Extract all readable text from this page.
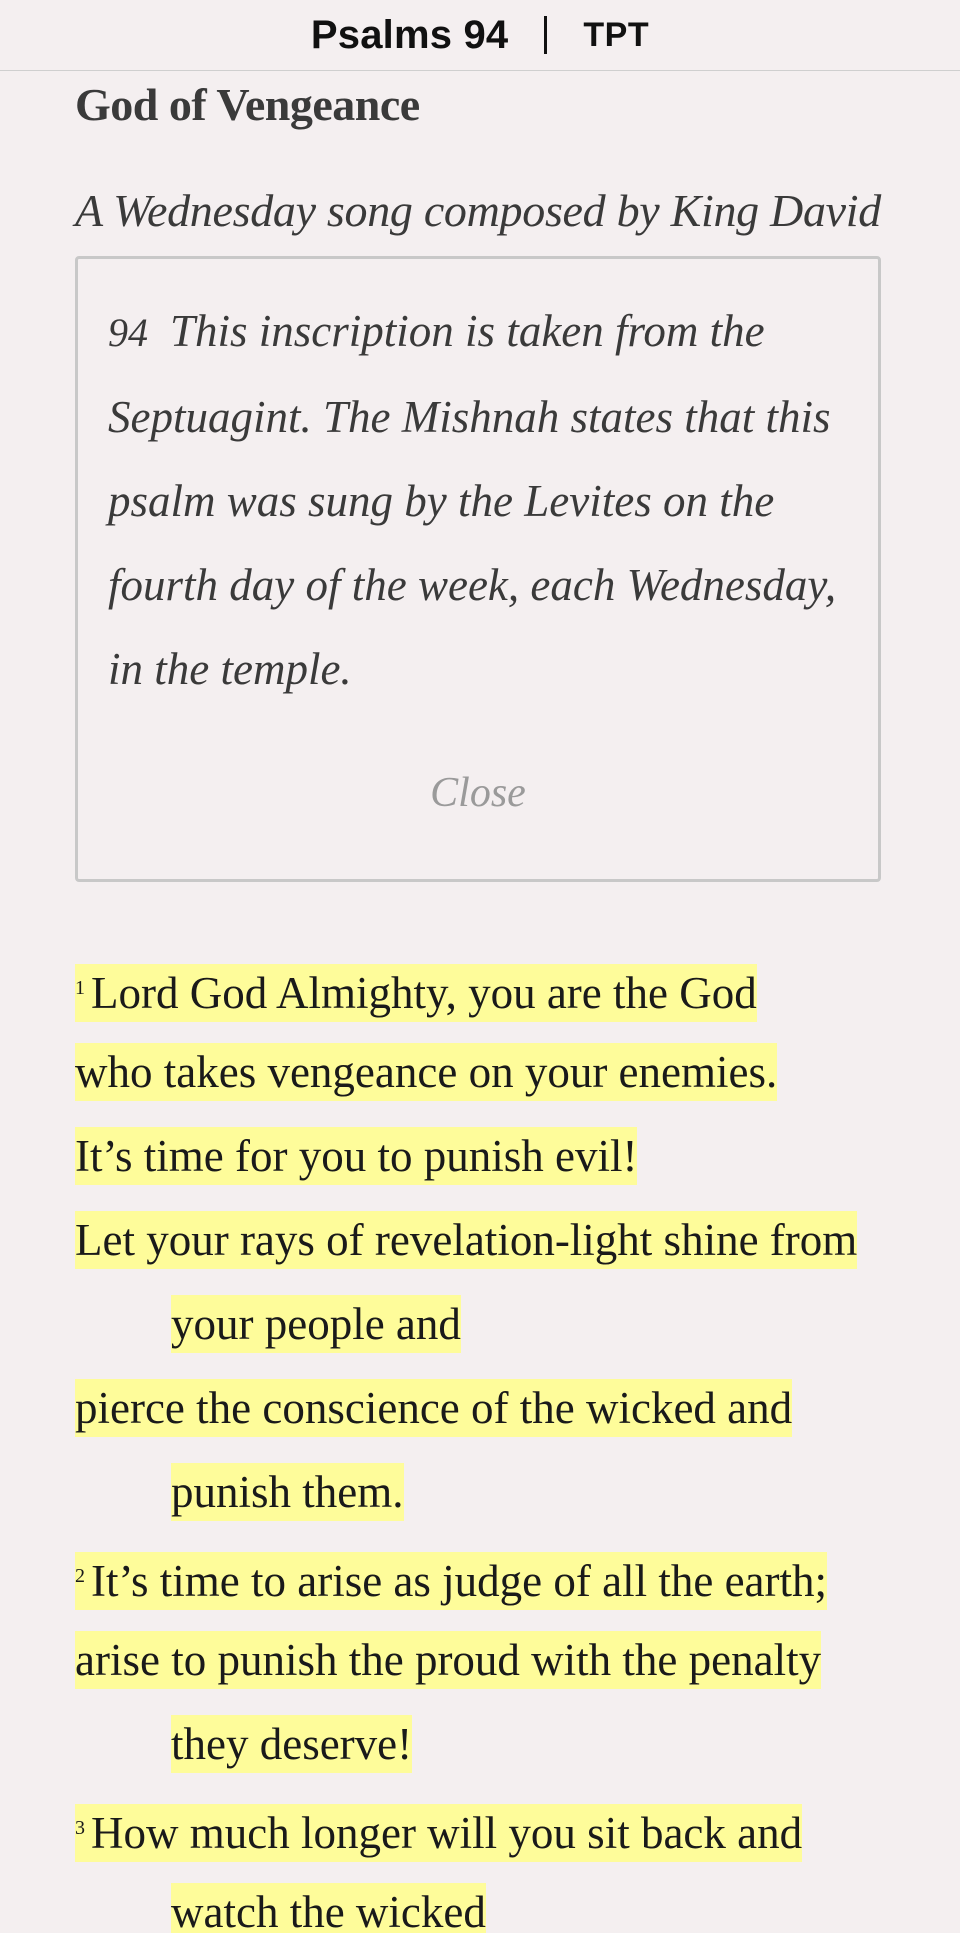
Psalms 94 TPT
God of Vengeance
A Wednesday song composed by King David
94 This inscription is taken from the
Septuagint. The Mishnah states that this
psalm was sung by the Levites on the
fourth day of the week, each Wednesday,
in the temple.
Close
$^1$ Lord God Almighty, you are the God
who takes vengeance on your enemies.
It’s time for you to punish evil!
Let your rays of revelation-light shine from
your people and
pierce the conscience of the wicked and
punish them.
$^2$ It’s time to arise as judge of all the earth;
arise to punish the proud with the penalty
they deserve!
$^3$ How much longer will you sit back and
watch the wicked
